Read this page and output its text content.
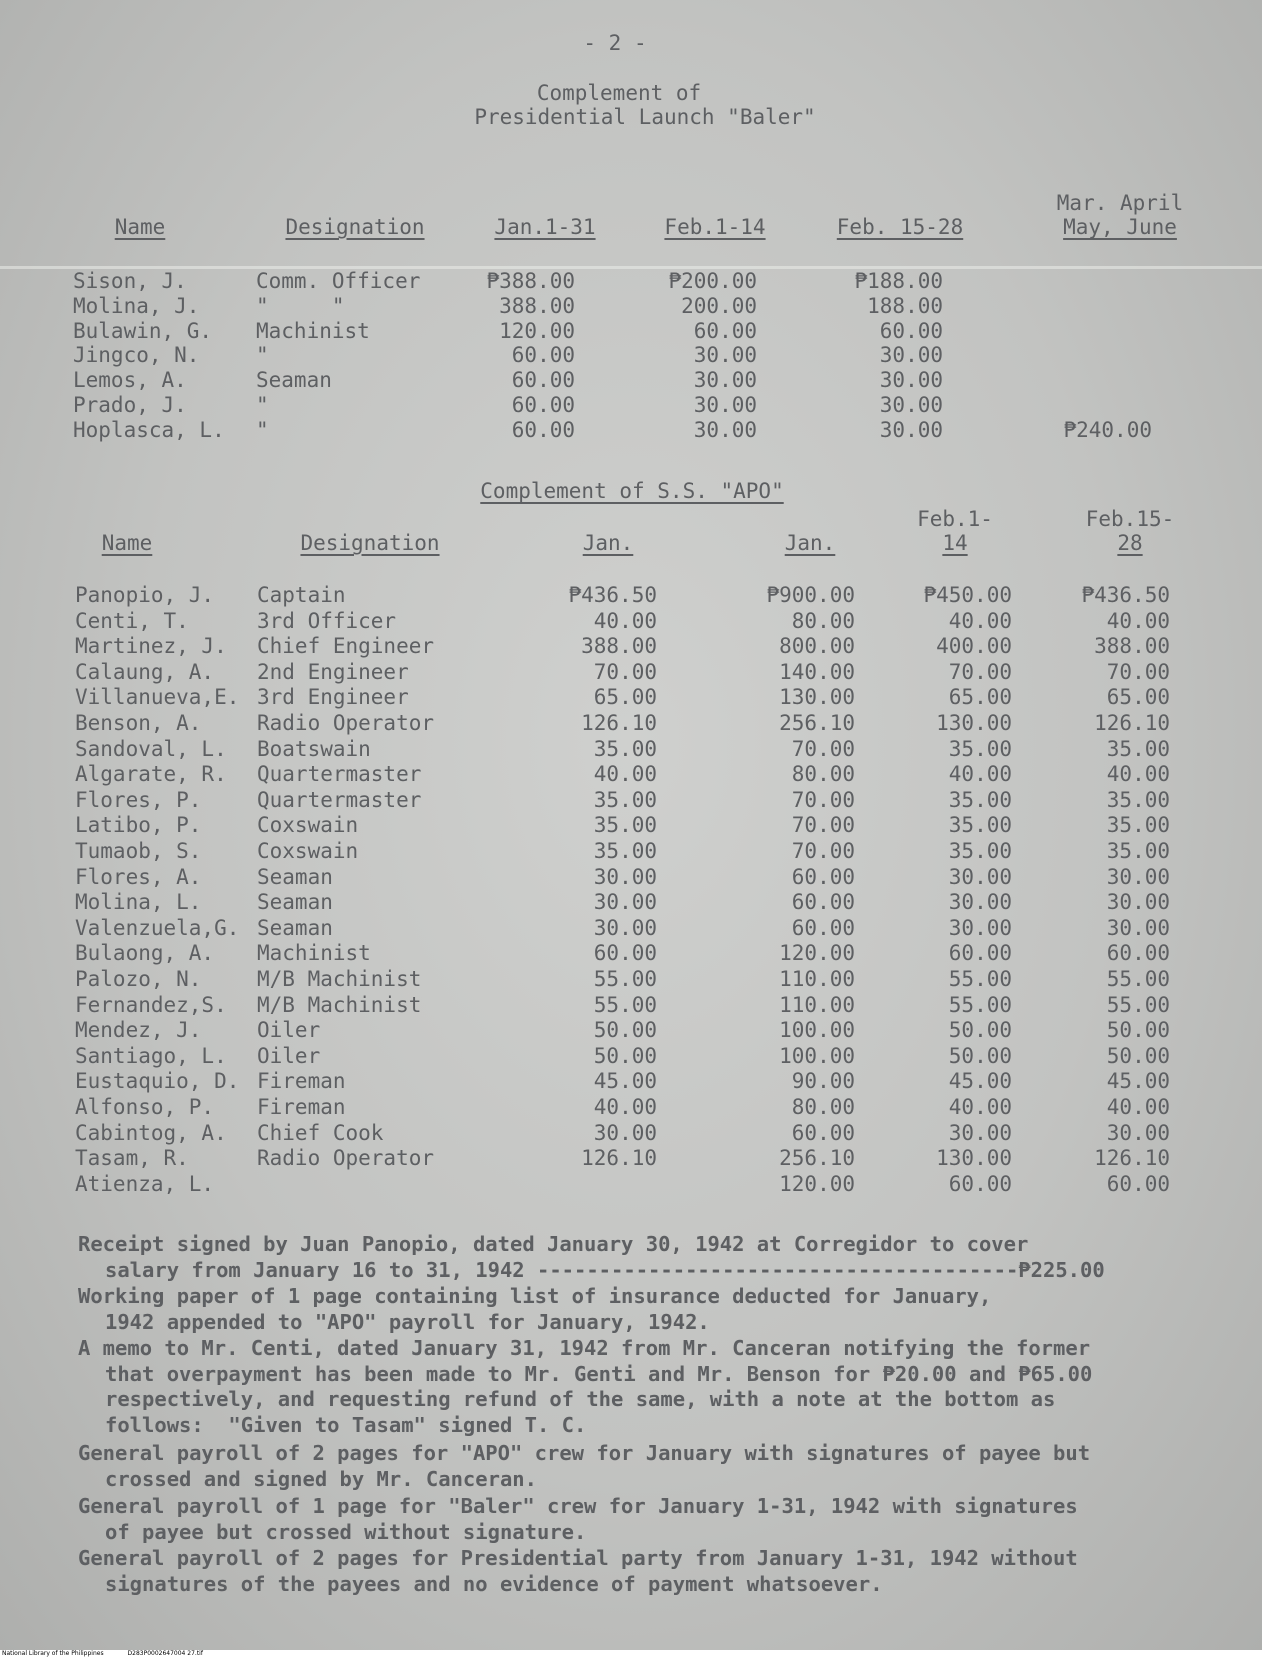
- 2 -
Complement of
Presidential Launch "Baler"
Name	Designation	Jan.1-31	Feb.1-14	Feb. 15-28
Mar. April
May, June
Sison, J.	Comm. Officer	₱388.00	₱200.00	₱188.00
Molina, J.	"     "	388.00	200.00	188.00
Bulawin, G. Machinist	120.00	60.00	60.00
Jingco, N.	"	60.00	30.00	30.00
Lemos, A.	Seaman	60.00	30.00	30.00
Prado, J.	"	60.00	30.00	30.00
Hoplasca, L. "	60.00	30.00	30.00	₱240.00
Complement of S.S. "APO"
Name	Designation	Jan.	Jan.
Feb.1-
14
Feb.15-
28
Panopio, J. Captain	₱436.50	₱900.00	₱450.00	₱436.50
Centi, T.	3rd Officer	40.00	80.00	40.00	40.00
Martinez, J. Chief Engineer	388.00	800.00	400.00	388.00
Calaung, A. 2nd Engineer	70.00	140.00	70.00	70.00
Villanueva,E. 3rd Engineer	65.00	130.00	65.00	65.00
Benson, A.	Radio Operator	126.10	256.10	130.00	126.10
Sandoval, L. Boatswain	35.00	70.00	35.00	35.00
Algarate, R. Quartermaster	40.00	80.00	40.00	40.00
Flores, P.	Quartermaster	35.00	70.00	35.00	35.00
Latibo, P.	Coxswain	35.00	70.00	35.00	35.00
Tumaob, S.	Coxswain	35.00	70.00	35.00	35.00
Flores, A.	Seaman	30.00	60.00	30.00	30.00
Molina, L.	Seaman	30.00	60.00	30.00	30.00
Valenzuela,G. Seaman	30.00	60.00	30.00	30.00
Bulaong, A. Machinist	60.00	120.00	60.00	60.00
Palozo, N.	M/B Machinist	55.00	110.00	55.00	55.00
Fernandez,S. M/B Machinist	55.00	110.00	55.00	55.00
Mendez, J.	Oiler	50.00	100.00	50.00	50.00
Santiago, L. Oiler	50.00	100.00	50.00	50.00
Eustaquio, D. Fireman	45.00	90.00	45.00	45.00
Alfonso, P. Fireman	40.00	80.00	40.00	40.00
Cabintog, A. Chief Cook	30.00	60.00	30.00	30.00
Tasam, R.	Radio Operator	126.10	256.10	130.00	126.10
Atienza, L.	120.00	60.00	60.00
Receipt signed by Juan Panopio, dated January 30, 1942 at Corregidor to cover
salary from January 16 to 31, 1942 ---------------------------------------₱225.00
Working paper of 1 page containing list of insurance deducted for January,
1942 appended to "APO" payroll for January, 1942.
A memo to Mr. Centi, dated January 31, 1942 from Mr. Canceran notifying the former
that overpayment has been made to Mr. Genti and Mr. Benson for ₱20.00 and ₱65.00
respectively, and requesting refund of the same, with a note at the bottom as
follows:  "Given to Tasam" signed T. C.
General payroll of 2 pages for "APO" crew for January with signatures of payee but
crossed and signed by Mr. Canceran.
General payroll of 1 page for "Baler" crew for January 1-31, 1942 with signatures
of payee but crossed without signature.
General payroll of 2 pages for Presidential party from January 1-31, 1942 without
signatures of the payees and no evidence of payment whatsoever.
National Library of the Philippines	D283P0002647004 27.tif
